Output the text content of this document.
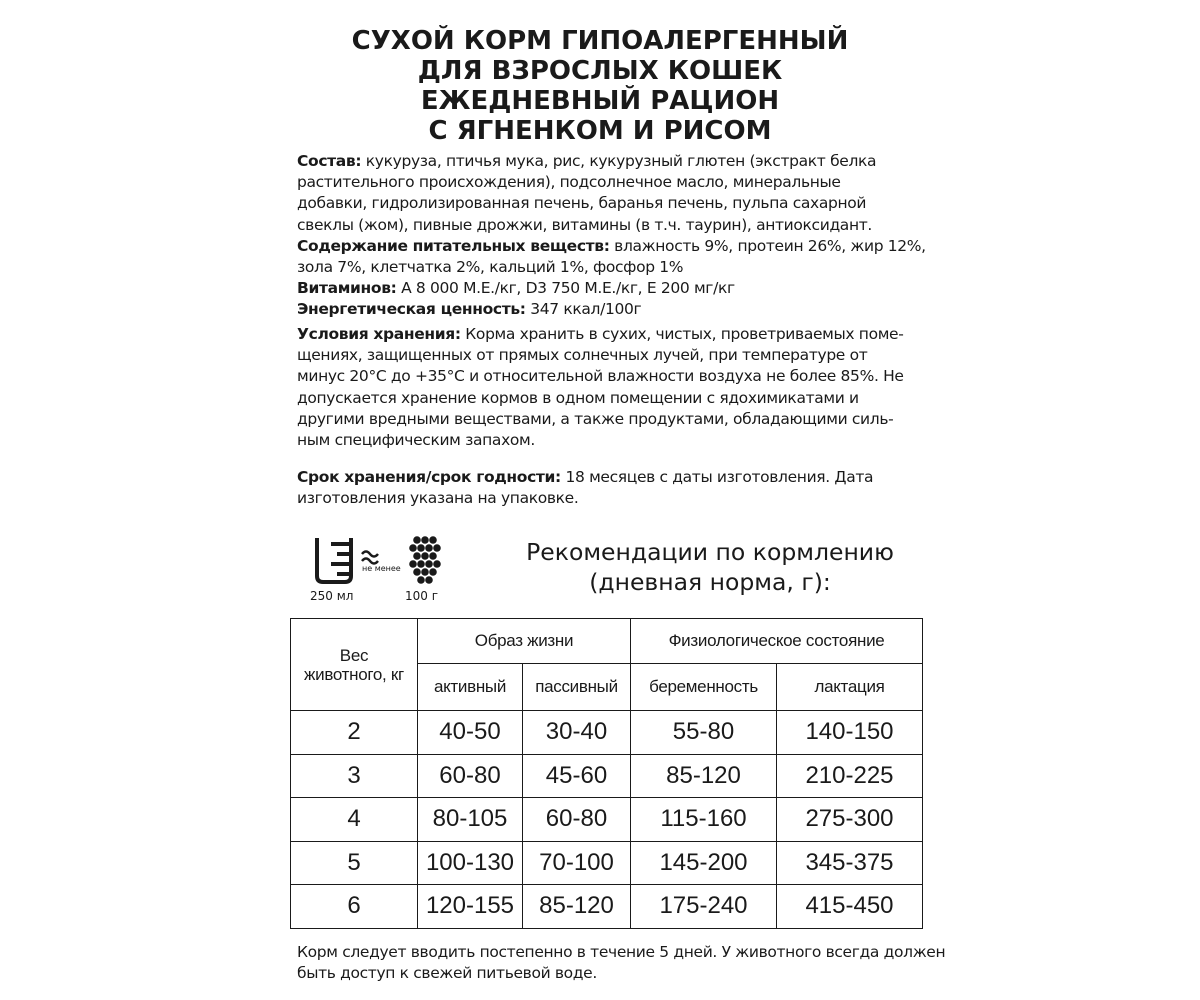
СУХОЙ КОРМ ГИПОАЛЕРГЕННЫЙ
ДЛЯ ВЗРОСЛЫХ КОШЕК
ЕЖЕДНЕВНЫЙ РАЦИОН
С ЯГНЕНКОМ И РИСОМ
Состав: кукуруза, птичья мука, рис, кукурузный глютен (экстракт белка
растительного происхождения), подсолнечное масло, минеральные
добавки, гидролизированная печень, баранья печень, пульпа сахарной
свеклы (жом), пивные дрожжи, витамины (в т.ч. таурин), антиоксидант.
Содержание питательных веществ: влажность 9%, протеин 26%, жир 12%,
зола 7%, клетчатка 2%, кальций 1%, фосфор 1%
Витаминов: А 8 000 М.Е./кг, D3 750 М.Е./кг, Е 200 мг/кг
Энергетическая ценность: 347 ккал/100г
Условия хранения: Корма хранить в сухих, чистых, проветриваемых поме-
щениях, защищенных от прямых солнечных лучей, при температуре от
минус 20°С до +35°С и относительной влажности воздуха не более 85%. Не
допускается хранение кормов в одном помещении с ядохимикатами и
другими вредными веществами, а также продуктами, обладающими силь-
ным специфическим запахом.
Срок хранения/срок годности: 18 месяцев с даты изготовления. Дата
изготовления указана на упаковке.
не менее
250 мл	100 г
Рекомендации по кормлению
(дневная норма, г):
Вес
животного, кг	Образ жизни		Физиологическое состояние	
	активный	пассивный	беременность	лактация
2	40-50	30-40	55-80	140-150
3	60-80	45-60	85-120	210-225
4	80-105	60-80	115-160	275-300
5	100-130	70-100	145-200	345-375
6	120-155	85-120	175-240	415-450
Корм следует вводить постепенно в течение 5 дней. У животного всегда должен
быть доступ к свежей питьевой воде.
